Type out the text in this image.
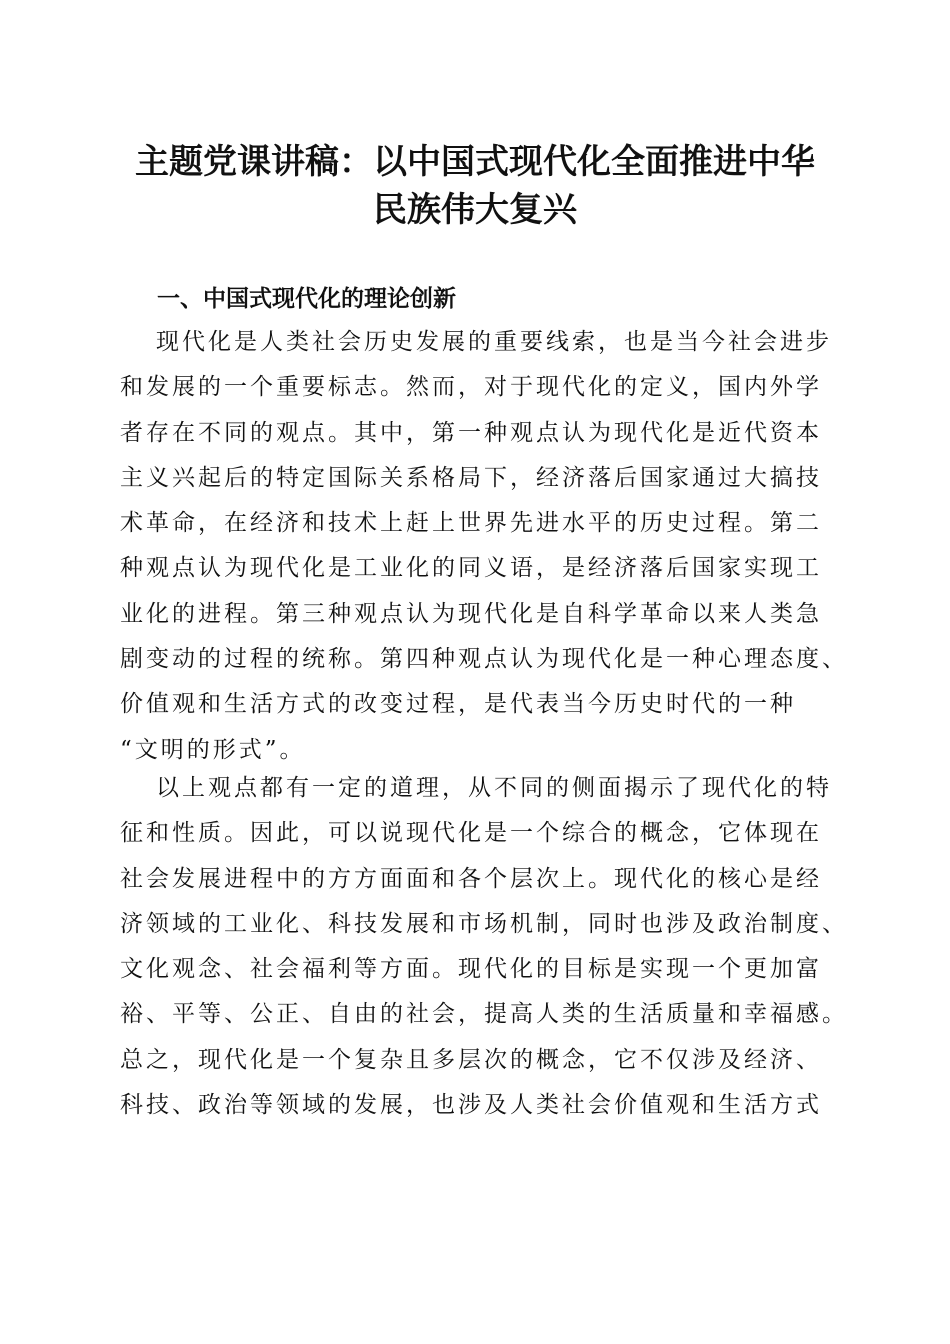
主题党课讲稿：以中国式现代化全面推进中华
民族伟大复兴
一、中国式现代化的理论创新
现代化是人类社会历史发展的重要线索，也是当今社会进步
和发展的一个重要标志。然而，对于现代化的定义，国内外学
者存在不同的观点。其中，第一种观点认为现代化是近代资本
主义兴起后的特定国际关系格局下，经济落后国家通过大搞技
术革命，在经济和技术上赶上世界先进水平的历史过程。第二
种观点认为现代化是工业化的同义语，是经济落后国家实现工
业化的进程。第三种观点认为现代化是自科学革命以来人类急
剧变动的过程的统称。第四种观点认为现代化是一种心理态度、
价值观和生活方式的改变过程，是代表当今历史时代的一种
“文明的形式”。
以上观点都有一定的道理，从不同的侧面揭示了现代化的特
征和性质。因此，可以说现代化是一个综合的概念，它体现在
社会发展进程中的方方面面和各个层次上。现代化的核心是经
济领域的工业化、科技发展和市场机制，同时也涉及政治制度、
文化观念、社会福利等方面。现代化的目标是实现一个更加富
裕、平等、公正、自由的社会，提高人类的生活质量和幸福感。
总之，现代化是一个复杂且多层次的概念，它不仅涉及经济、
科技、政治等领域的发展，也涉及人类社会价值观和生活方式
